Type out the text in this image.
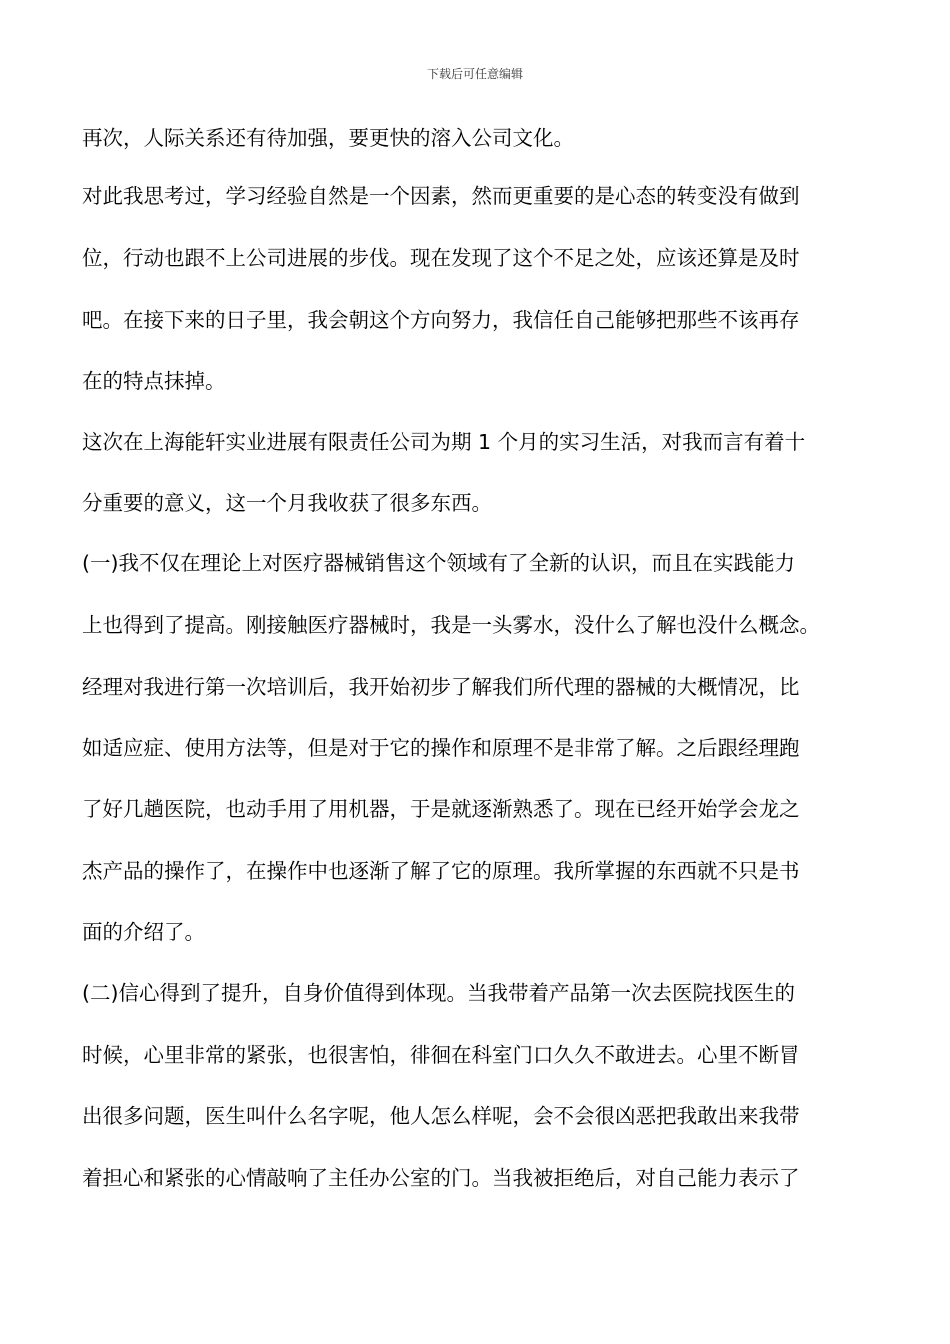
下载后可任意编辑
再次，人际关系还有待加强，要更快的溶入公司文化。
对此我思考过，学习经验自然是一个因素，然而更重要的是心态的转变没有做到
位，行动也跟不上公司进展的步伐。现在发现了这个不足之处，应该还算是及时
吧。在接下来的日子里，我会朝这个方向努力，我信任自己能够把那些不该再存
在的特点抹掉。
这次在上海能轩实业进展有限责任公司为期 1 个月的实习生活，对我而言有着十
分重要的意义，这一个月我收获了很多东西。
(一)我不仅在理论上对医疗器械销售这个领域有了全新的认识，而且在实践能力
上也得到了提高。刚接触医疗器械时，我是一头雾水，没什么了解也没什么概念。
经理对我进行第一次培训后，我开始初步了解我们所代理的器械的大概情况，比
如适应症、使用方法等，但是对于它的操作和原理不是非常了解。之后跟经理跑
了好几趟医院，也动手用了用机器，于是就逐渐熟悉了。现在已经开始学会龙之
杰产品的操作了，在操作中也逐渐了解了它的原理。我所掌握的东西就不只是书
面的介绍了。
(二)信心得到了提升，自身价值得到体现。当我带着产品第一次去医院找医生的
时候，心里非常的紧张，也很害怕，徘徊在科室门口久久不敢进去。心里不断冒
出很多问题，医生叫什么名字呢，他人怎么样呢，会不会很凶恶把我敢出来我带
着担心和紧张的心情敲响了主任办公室的门。当我被拒绝后，对自己能力表示了
